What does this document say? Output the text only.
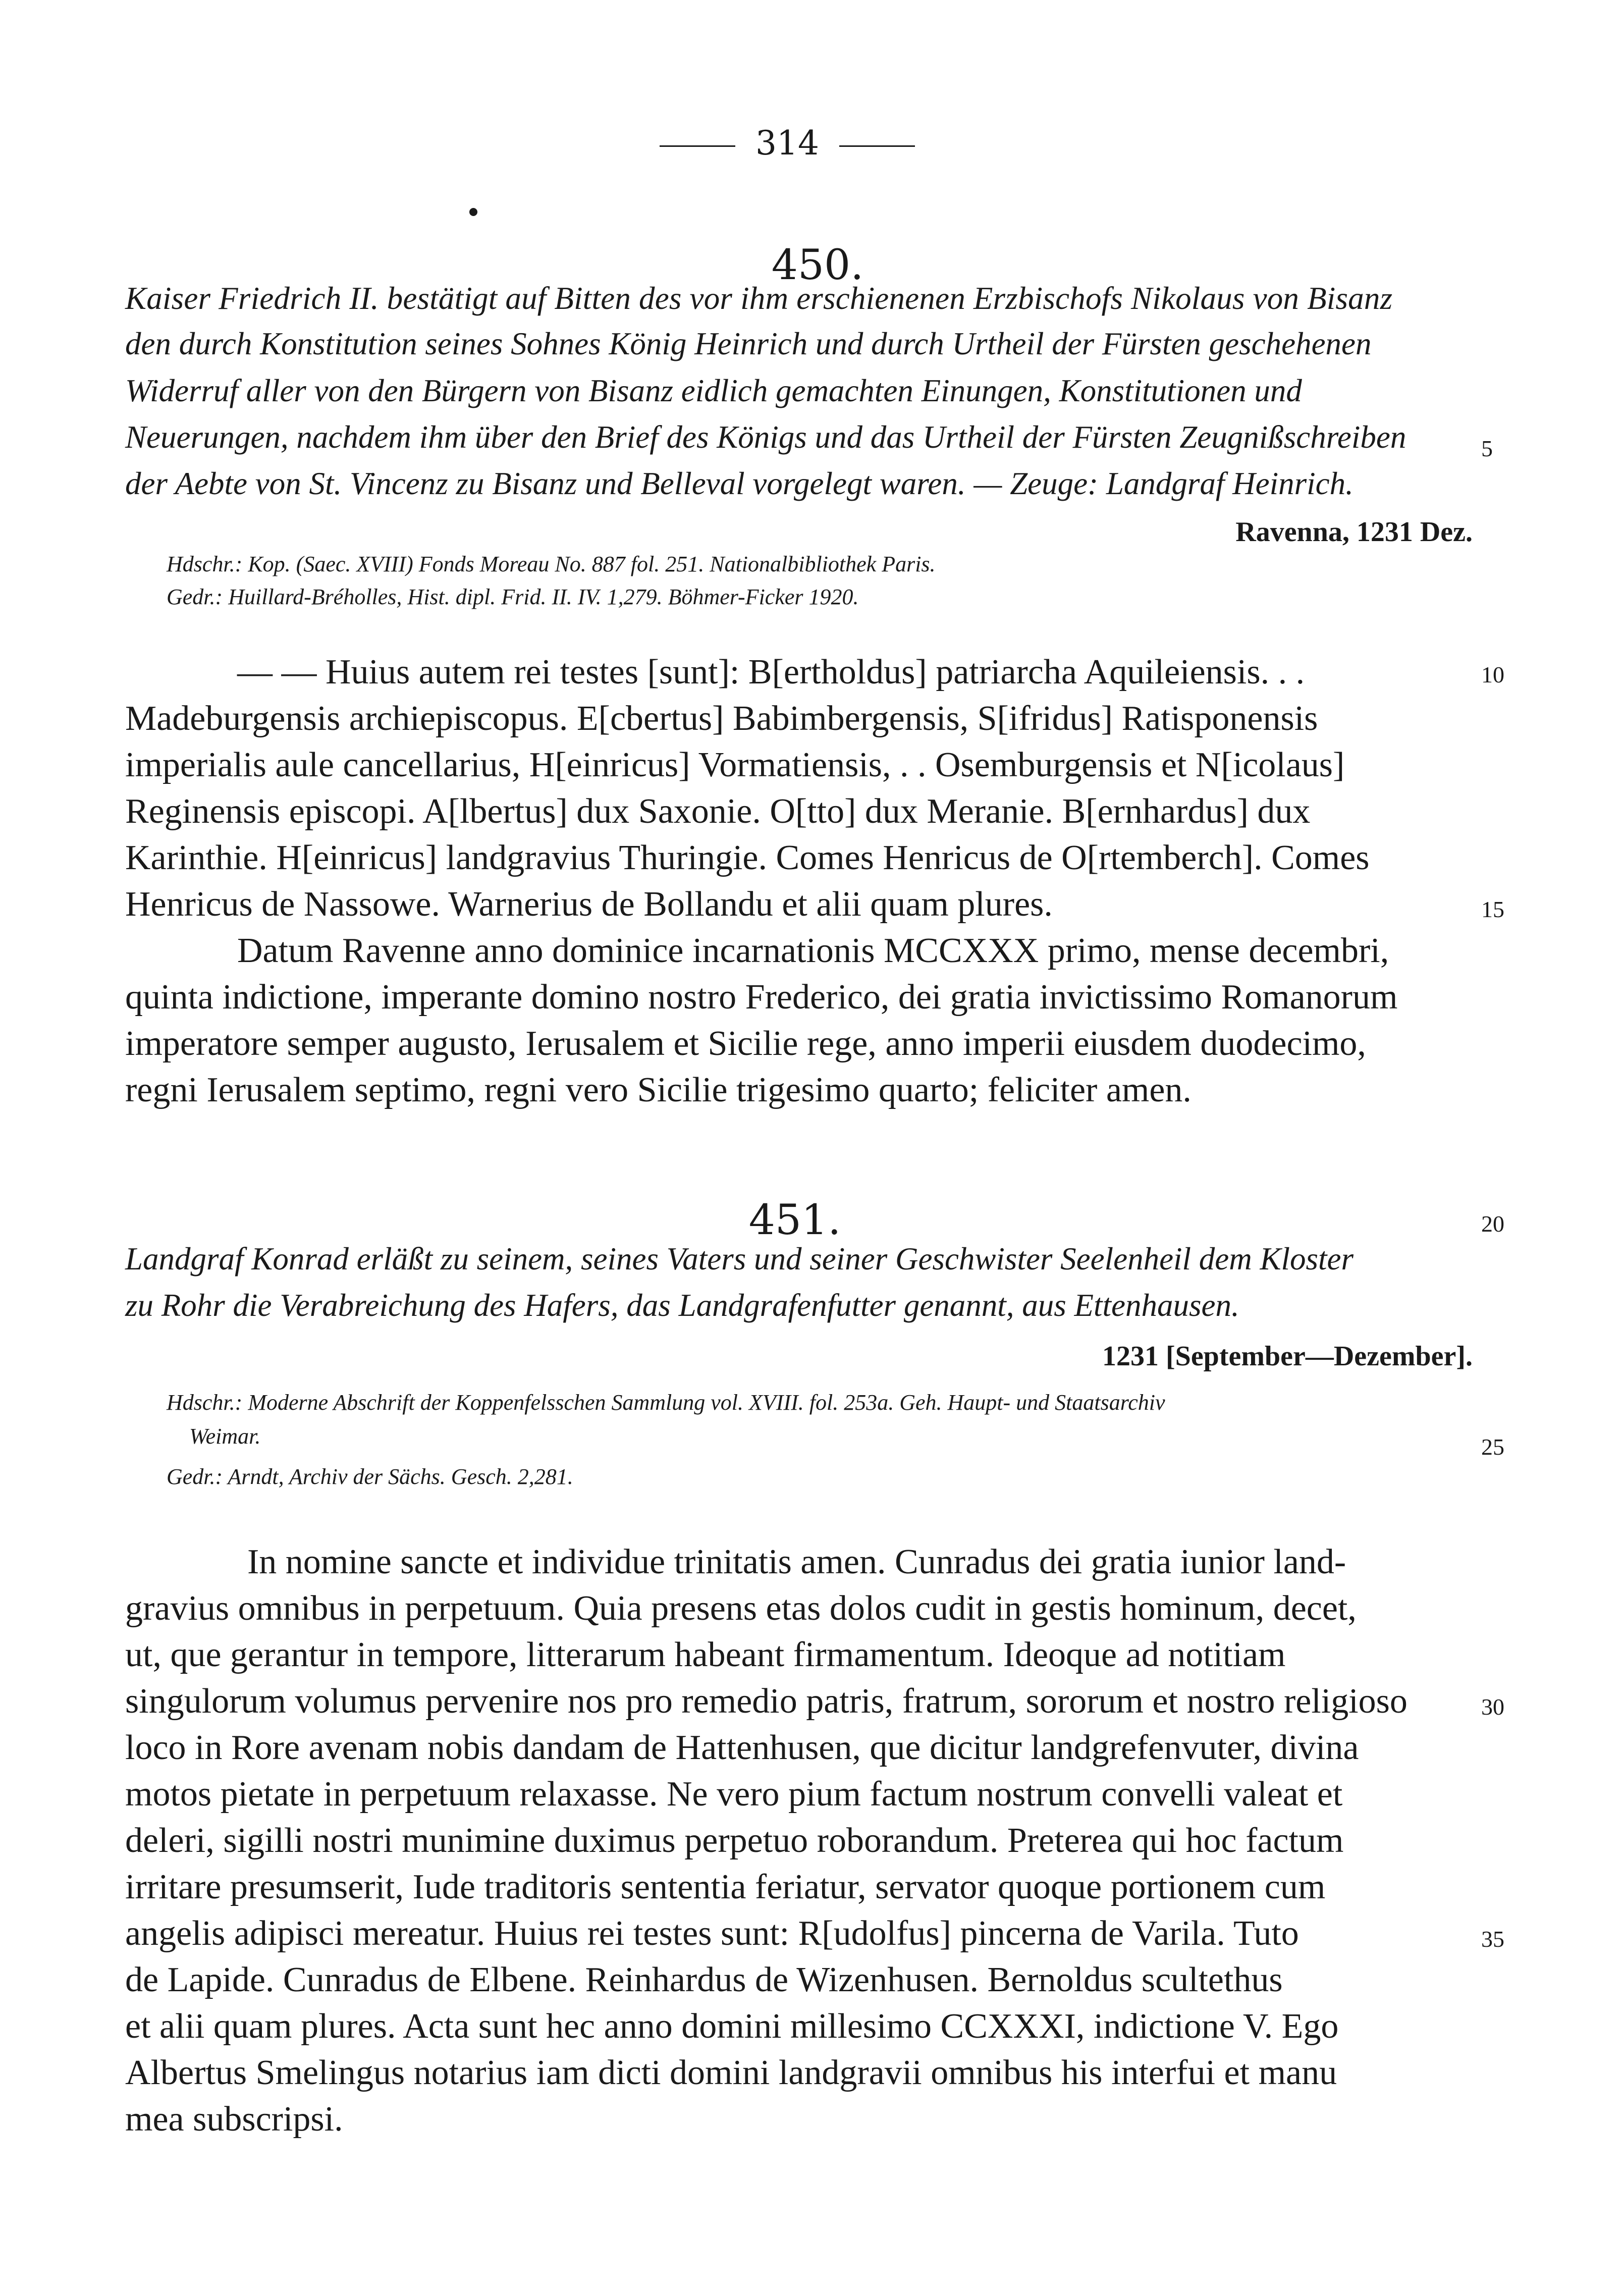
314
450.
Kaiser Friedrich II. bestätigt auf Bitten des vor ihm erschienenen Erzbischofs Nikolaus von Bisanz
den durch Konstitution seines Sohnes König Heinrich und durch Urtheil der Fürsten geschehenen
Widerruf aller von den Bürgern von Bisanz eidlich gemachten Einungen, Konstitutionen und
Neuerungen, nachdem ihm über den Brief des Königs und das Urtheil der Fürsten Zeugnißschreiben
der Aebte von St. Vincenz zu Bisanz und Belleval vorgelegt waren. — Zeuge: Landgraf Heinrich.
Ravenna, 1231 Dez.
Hdschr.: Kop. (Saec. XVIII) Fonds Moreau No. 887 fol. 251. Nationalbibliothek Paris.
Gedr.: Huillard-Bréholles, Hist. dipl. Frid. II. IV. 1,279. Böhmer-Ficker 1920.
— — Huius autem rei testes [sunt]: B[ertholdus] patriarcha Aquileiensis. . .
Madeburgensis archiepiscopus. E[cbertus] Babimbergensis, S[ifridus] Ratisponensis
imperialis aule cancellarius, H[einricus] Vormatiensis, . . Osemburgensis et N[icolaus]
Reginensis episcopi. A[lbertus] dux Saxonie. O[tto] dux Meranie. B[ernhardus] dux
Karinthie. H[einricus] landgravius Thuringie. Comes Henricus de O[rtemberch]. Comes
Henricus de Nassowe. Warnerius de Bollandu et alii quam plures.
Datum Ravenne anno dominice incarnationis MCCXXX primo, mense decembri,
quinta indictione, imperante domino nostro Frederico, dei gratia invictissimo Romanorum
imperatore semper augusto, Ierusalem et Sicilie rege, anno imperii eiusdem duodecimo,
regni Ierusalem septimo, regni vero Sicilie trigesimo quarto; feliciter amen.
451.
Landgraf Konrad erläßt zu seinem, seines Vaters und seiner Geschwister Seelenheil dem Kloster
zu Rohr die Verabreichung des Hafers, das Landgrafenfutter genannt, aus Ettenhausen.
1231 [September—Dezember].
Hdschr.: Moderne Abschrift der Koppenfelsschen Sammlung vol. XVIII. fol. 253a. Geh. Haupt- und Staatsarchiv
Weimar.
Gedr.: Arndt, Archiv der Sächs. Gesch. 2,281.
In nomine sancte et individue trinitatis amen. Cunradus dei gratia iunior land-
gravius omnibus in perpetuum. Quia presens etas dolos cudit in gestis hominum, decet,
ut, que gerantur in tempore, litterarum habeant firmamentum. Ideoque ad notitiam
singulorum volumus pervenire nos pro remedio patris, fratrum, sororum et nostro religioso
loco in Rore avenam nobis dandam de Hattenhusen, que dicitur landgrefenvuter, divina
motos pietate in perpetuum relaxasse. Ne vero pium factum nostrum convelli valeat et
deleri, sigilli nostri munimine duximus perpetuo roborandum. Preterea qui hoc factum
irritare presumserit, Iude traditoris sententia feriatur, servator quoque portionem cum
angelis adipisci mereatur. Huius rei testes sunt: R[udolfus] pincerna de Varila. Tuto
de Lapide. Cunradus de Elbene. Reinhardus de Wizenhusen. Bernoldus scultethus
et alii quam plures. Acta sunt hec anno domini millesimo CCXXXI, indictione V. Ego
Albertus Smelingus notarius iam dicti domini landgravii omnibus his interfui et manu
mea subscripsi.
5
10
15
20
25
30
35
